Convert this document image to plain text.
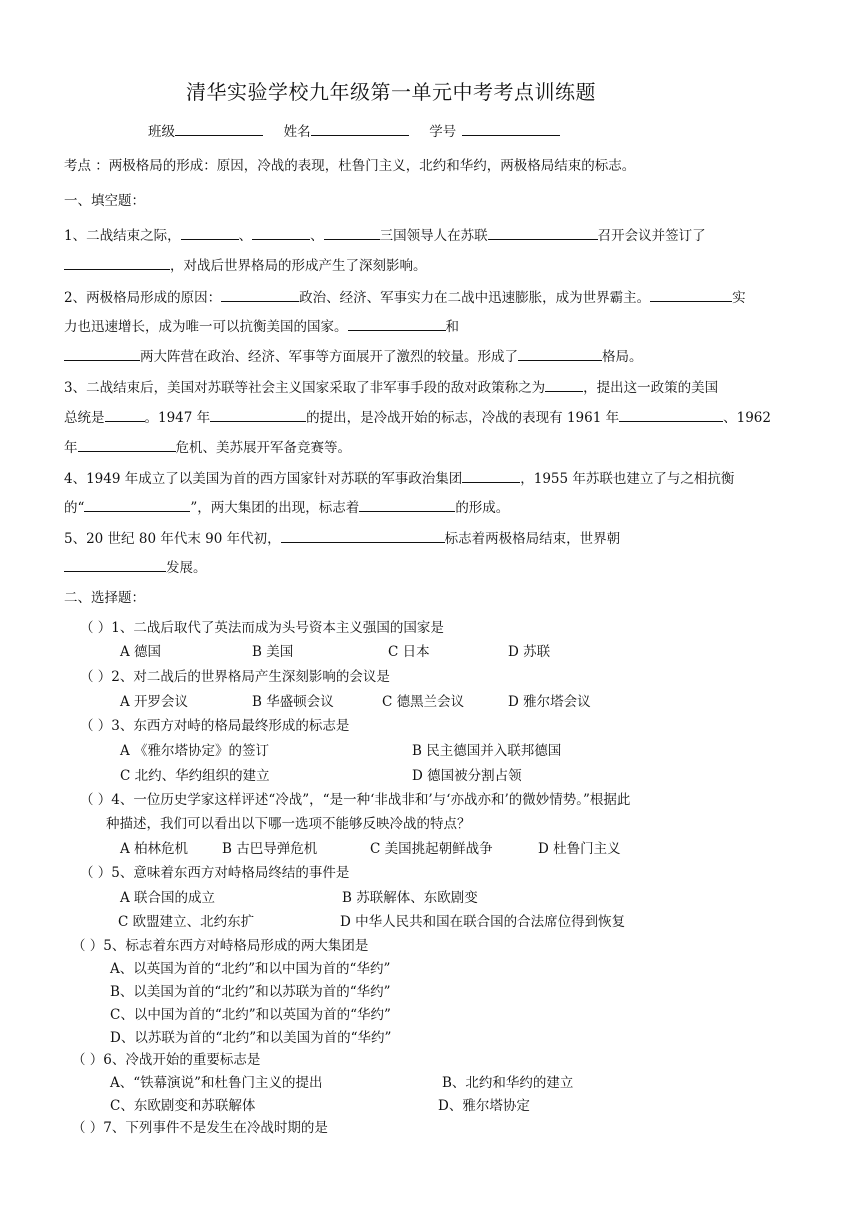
清华实验学校九年级第一单元中考考点训练题
班级	姓名	学号
考点 ：两极格局的形成：原因，冷战的表现，杜鲁门主义，北约和华约，两极格局结束的标志。
一、填空题：
1、二战结束之际，	、	、	三国领导人在苏联	召开会议并签订了
，对战后世界格局的形成产生了深刻影响。
2、两极格局形成的原因：	政治、经济、军事实力在二战中迅速膨胀，成为世界霸主。	实
力也迅速增长，成为唯一可以抗衡美国的国家。	和
两大阵营在政治、经济、军事等方面展开了激烈的较量。形成了	格局。
3、二战结束后，美国对苏联等社会主义国家采取了非军事手段的敌对政策称之为	，提出这一政策的美国
总统是	。1947 年	的提出，是冷战开始的标志，冷战的表现有 1961 年	、1962
年	危机、美苏展开军备竞赛等。
4、1949 年成立了以美国为首的西方国家针对苏联的军事政治集团	，1955 年苏联也建立了与之相抗衡
的“	”，两大集团的出现，标志着	的形成。
5、20 世纪 80 年代末 90 年代初，	标志着两极格局结束，世界朝
发展。
二、选择题：
（ ）1、二战后取代了英法而成为头号资本主义强国的国家是
A 德国	B 美国	C 日本	D 苏联
（ ）2、对二战后的世界格局产生深刻影响的会议是
A 开罗会议	B 华盛顿会议	C 德黑兰会议	D 雅尔塔会议
（ ）3、东西方对峙的格局最终形成的标志是
A 《雅尔塔协定》的签订	B 民主德国并入联邦德国
C 北约、华约组织的建立	D 德国被分割占领
（ ）4、一位历史学家这样评述“冷战”，“是一种‘非战非和’与‘亦战亦和’的微妙情势。”根据此
种描述，我们可以看出以下哪一选项不能够反映冷战的特点？
A 柏林危机	B 古巴导弹危机	C 美国挑起朝鲜战争	D 杜鲁门主义
（ ）5、意味着东西方对峙格局终结的事件是
A 联合国的成立	B 苏联解体、东欧剧变
C 欧盟建立、北约东扩	D 中华人民共和国在联合国的合法席位得到恢复
（ ）5、标志着东西方对峙格局形成的两大集团是
A、以英国为首的“北约”和以中国为首的“华约”
B、以美国为首的“北约”和以苏联为首的“华约”
C、以中国为首的“北约”和以英国为首的“华约”
D、以苏联为首的“北约”和以美国为首的“华约”
（ ）6、冷战开始的重要标志是
A、“铁幕演说”和杜鲁门主义的提出	B、北约和华约的建立
C、东欧剧变和苏联解体	D、雅尔塔协定
（ ）7、下列事件不是发生在冷战时期的是
